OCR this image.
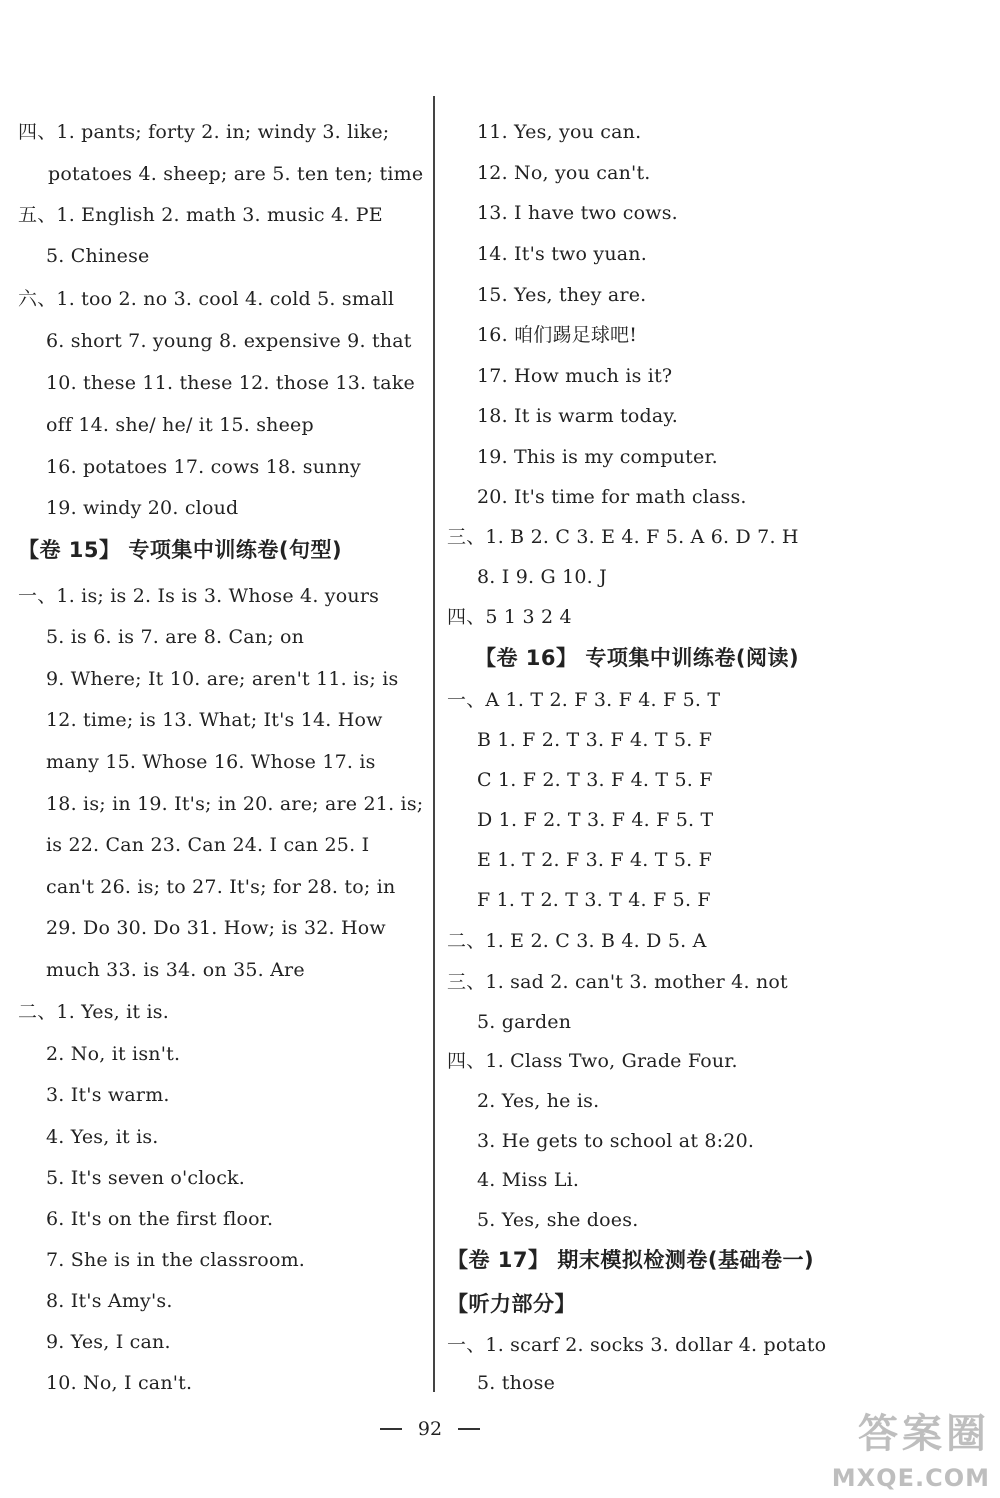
四、1. pants; forty 2. in; windy 3. like;
potatoes 4. sheep; are 5. ten ten; time
五、1. English 2. math 3. music 4. PE
5. Chinese
六、1. too 2. no 3. cool 4. cold 5. small
6. short 7. young 8. expensive 9. that
10. these 11. these 12. those 13. take
off 14. she/ he/ it 15. sheep
16. potatoes 17. cows 18. sunny
19. windy 20. cloud
【卷 15】 专项集中训练卷(句型)
一、1. is; is 2. Is is 3. Whose 4. yours
5. is 6. is 7. are 8. Can; on
9. Where; It 10. are; aren't 11. is; is
12. time; is 13. What; It's 14. How
many 15. Whose 16. Whose 17. is
18. is; in 19. It's; in 20. are; are 21. is;
is 22. Can 23. Can 24. I can 25. I
can't 26. is; to 27. It's; for 28. to; in
29. Do 30. Do 31. How; is 32. How
much 33. is 34. on 35. Are
二、1. Yes, it is.
2. No, it isn't.
3. It's warm.
4. Yes, it is.
5. It's seven o'clock.
6. It's on the first floor.
7. She is in the classroom.
8. It's Amy's.
9. Yes, I can.
10. No, I can't.
11. Yes, you can.
12. No, you can't.
13. I have two cows.
14. It's two yuan.
15. Yes, they are.
16. 咱们踢足球吧!
17. How much is it?
18. It is warm today.
19. This is my computer.
20. It's time for math class.
三、1. B 2. C 3. E 4. F 5. A 6. D 7. H
8. I 9. G 10. J
四、5 1 3 2 4
【卷 16】 专项集中训练卷(阅读)
一、A 1. T 2. F 3. F 4. F 5. T
B 1. F 2. T 3. F 4. T 5. F
C 1. F 2. T 3. F 4. T 5. F
D 1. F 2. T 3. F 4. F 5. T
E 1. T 2. F 3. F 4. T 5. F
F 1. T 2. T 3. T 4. F 5. F
二、1. E 2. C 3. B 4. D 5. A
三、1. sad 2. can't 3. mother 4. not
5. garden
四、1. Class Two, Grade Four.
2. Yes, he is.
3. He gets to school at 8:20.
4. Miss Li.
5. Yes, she does.
【卷 17】 期末模拟检测卷(基础卷一)
【听力部分】
一、1. scarf 2. socks 3. dollar 4. potato
5. those
92	答案圈
MXQE.COM
